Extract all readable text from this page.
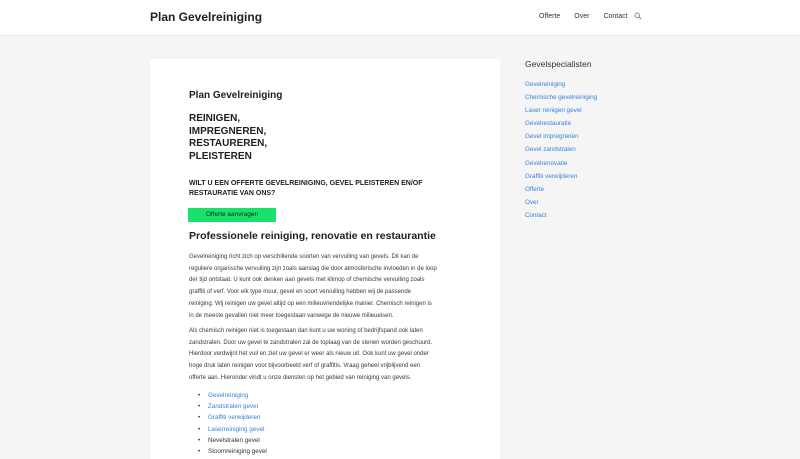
Plan Gevelreiniging	Offerte Over Contact
Plan Gevelreiniging
REINIGEN,
IMPREGNEREN,
RESTAUREREN,
PLEISTEREN
WILT U EEN OFFERTE GEVELREINIGING, GEVEL PLEISTEREN EN/OF
RESTAURATIE VAN ONS?
Offerte aanvragen
Professionele reiniging, renovatie en restaurantie
Gevelreiniging richt zich op verschillende soorten van vervuiling van gevels. Dit kan de
reguliere organische vervuiling zijn zoals aanslag die door atmosferische invloeden in de loop
der tijd ontstaat. U kunt ook denken aan gevels met klimop of chemische vervuiling zoals
graffiti of verf. Voor elk type muur, gevel en soort vervuiling hebben wij de passende
reiniging. Wij reinigen uw gevel altijd op een milieuvriendelijke manier. Chemisch reinigen is
in de meeste gevallen niet meer toegestaan vanwege de nieuwe milieueisen.
Als chemisch reinigen niet is toegestaan dan kunt u uw woning of bedrijfspand ook laten
zandstralen. Door uw gevel te zandstralen zal de toplaag van de stenen worden geschuurd.
Hierdoor verdwijnt het vuil en ziet uw gevel er weer als nieuw uit. Ook kunt uw gevel onder
hoge druk laten reinigen voor bijvoorbeeld verf of graffitis. Vraag geheel vrijblijvend een
offerte aan. Hieronder vindt u onze diensten op het gebied van reiniging van gevels.
• Gevelreiniging
• Zandstralen gevel
• Graffiti verwijderen
• Laserreiniging gevel
• Nevelstralen gevel
• Stoomreiniging gevel
Gevelspecialisten
Gevelreiniging
Chemische gevelreiniging
Laser reinigen gevel
Gevelrestauratie
Gevel impregneren
Gevel zandstralen
Gevelrenovatie
Graffiti verwijderen
Offerte
Over
Contact
